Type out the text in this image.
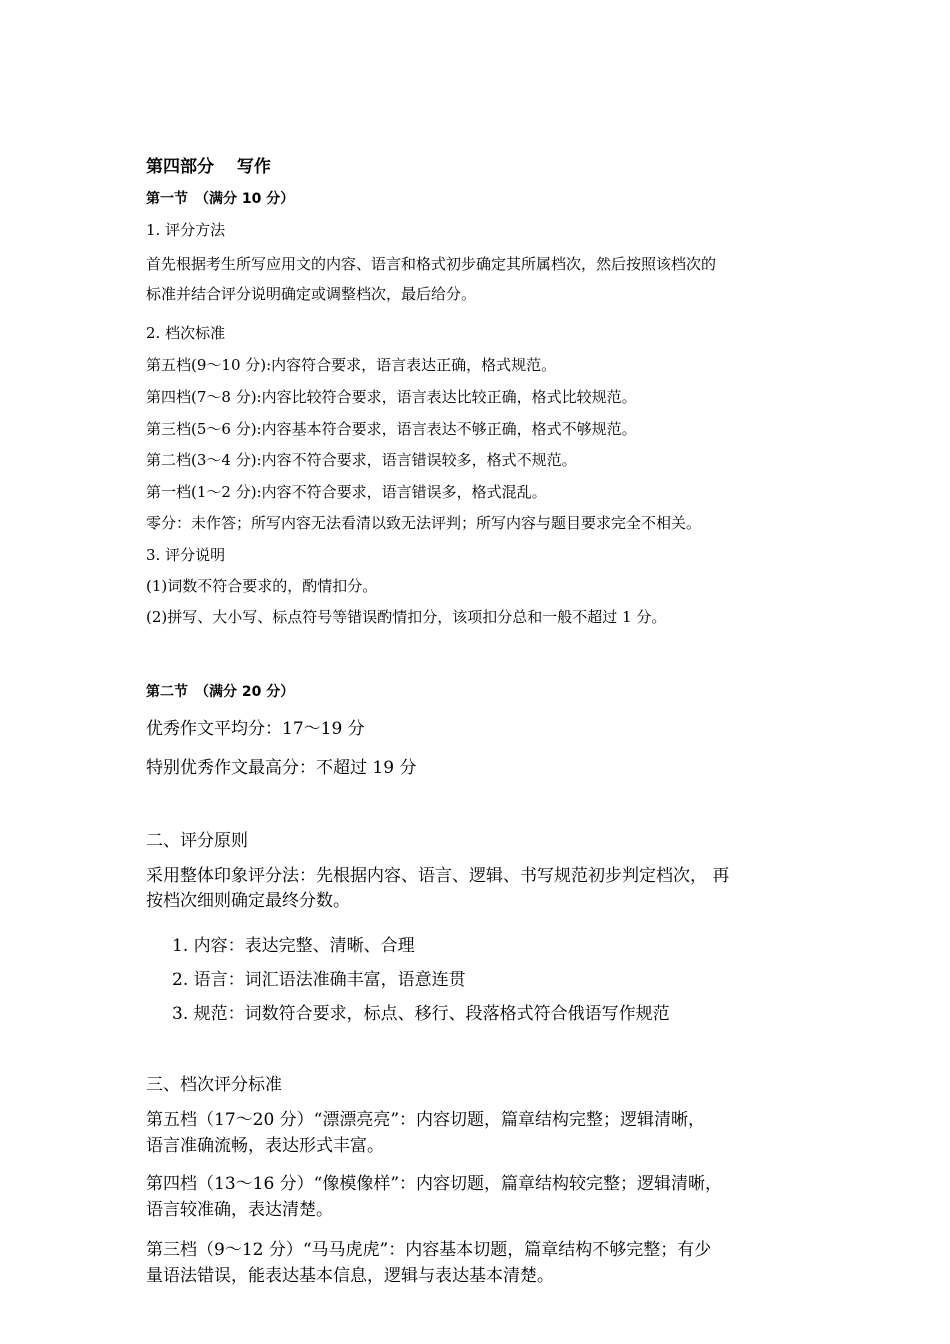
第四部分　 写作
第一节　（满分 10 分）
1. 评分方法
首先根据考生所写应用文的内容、语言和格式初步确定其所属档次，然后按照该档次的
标准并结合评分说明确定或调整档次，最后给分。
2. 档次标准
第五档(9～10 分):内容符合要求，语言表达正确，格式规范。
第四档(7～8 分):内容比较符合要求，语言表达比较正确，格式比较规范。
第三档(5～6 分):内容基本符合要求，语言表达不够正确，格式不够规范。
第二档(3～4 分):内容不符合要求，语言错误较多，格式不规范。
第一档(1～2 分):内容不符合要求，语言错误多，格式混乱。
零分：未作答；所写内容无法看清以致无法评判；所写内容与题目要求完全不相关。
3. 评分说明
(1)词数不符合要求的，酌情扣分。
(2)拼写、大小写、标点符号等错误酌情扣分，该项扣分总和一般不超过 1 分。
第二节　（满分 20 分）
优秀作文平均分：17～19 分
特别优秀作文最高分：不超过 19 分
二、评分原则
采用整体印象评分法：先根据内容、语言、逻辑、书写规范初步判定档次， 再
按档次细则确定最终分数。
1. 内容：表达完整、清晰、合理
2. 语言：词汇语法准确丰富，语意连贯
3. 规范：词数符合要求，标点、移行、段落格式符合俄语写作规范
三、档次评分标准
第五档（17～20 分）“漂漂亮亮”：内容切题，篇章结构完整；逻辑清晰，
语言准确流畅，表达形式丰富。
第四档（13～16 分）“像模像样”：内容切题，篇章结构较完整；逻辑清晰，
语言较准确，表达清楚。
第三档（9～12 分）“马马虎虎”：内容基本切题，篇章结构不够完整；有少
量语法错误，能表达基本信息，逻辑与表达基本清楚。
